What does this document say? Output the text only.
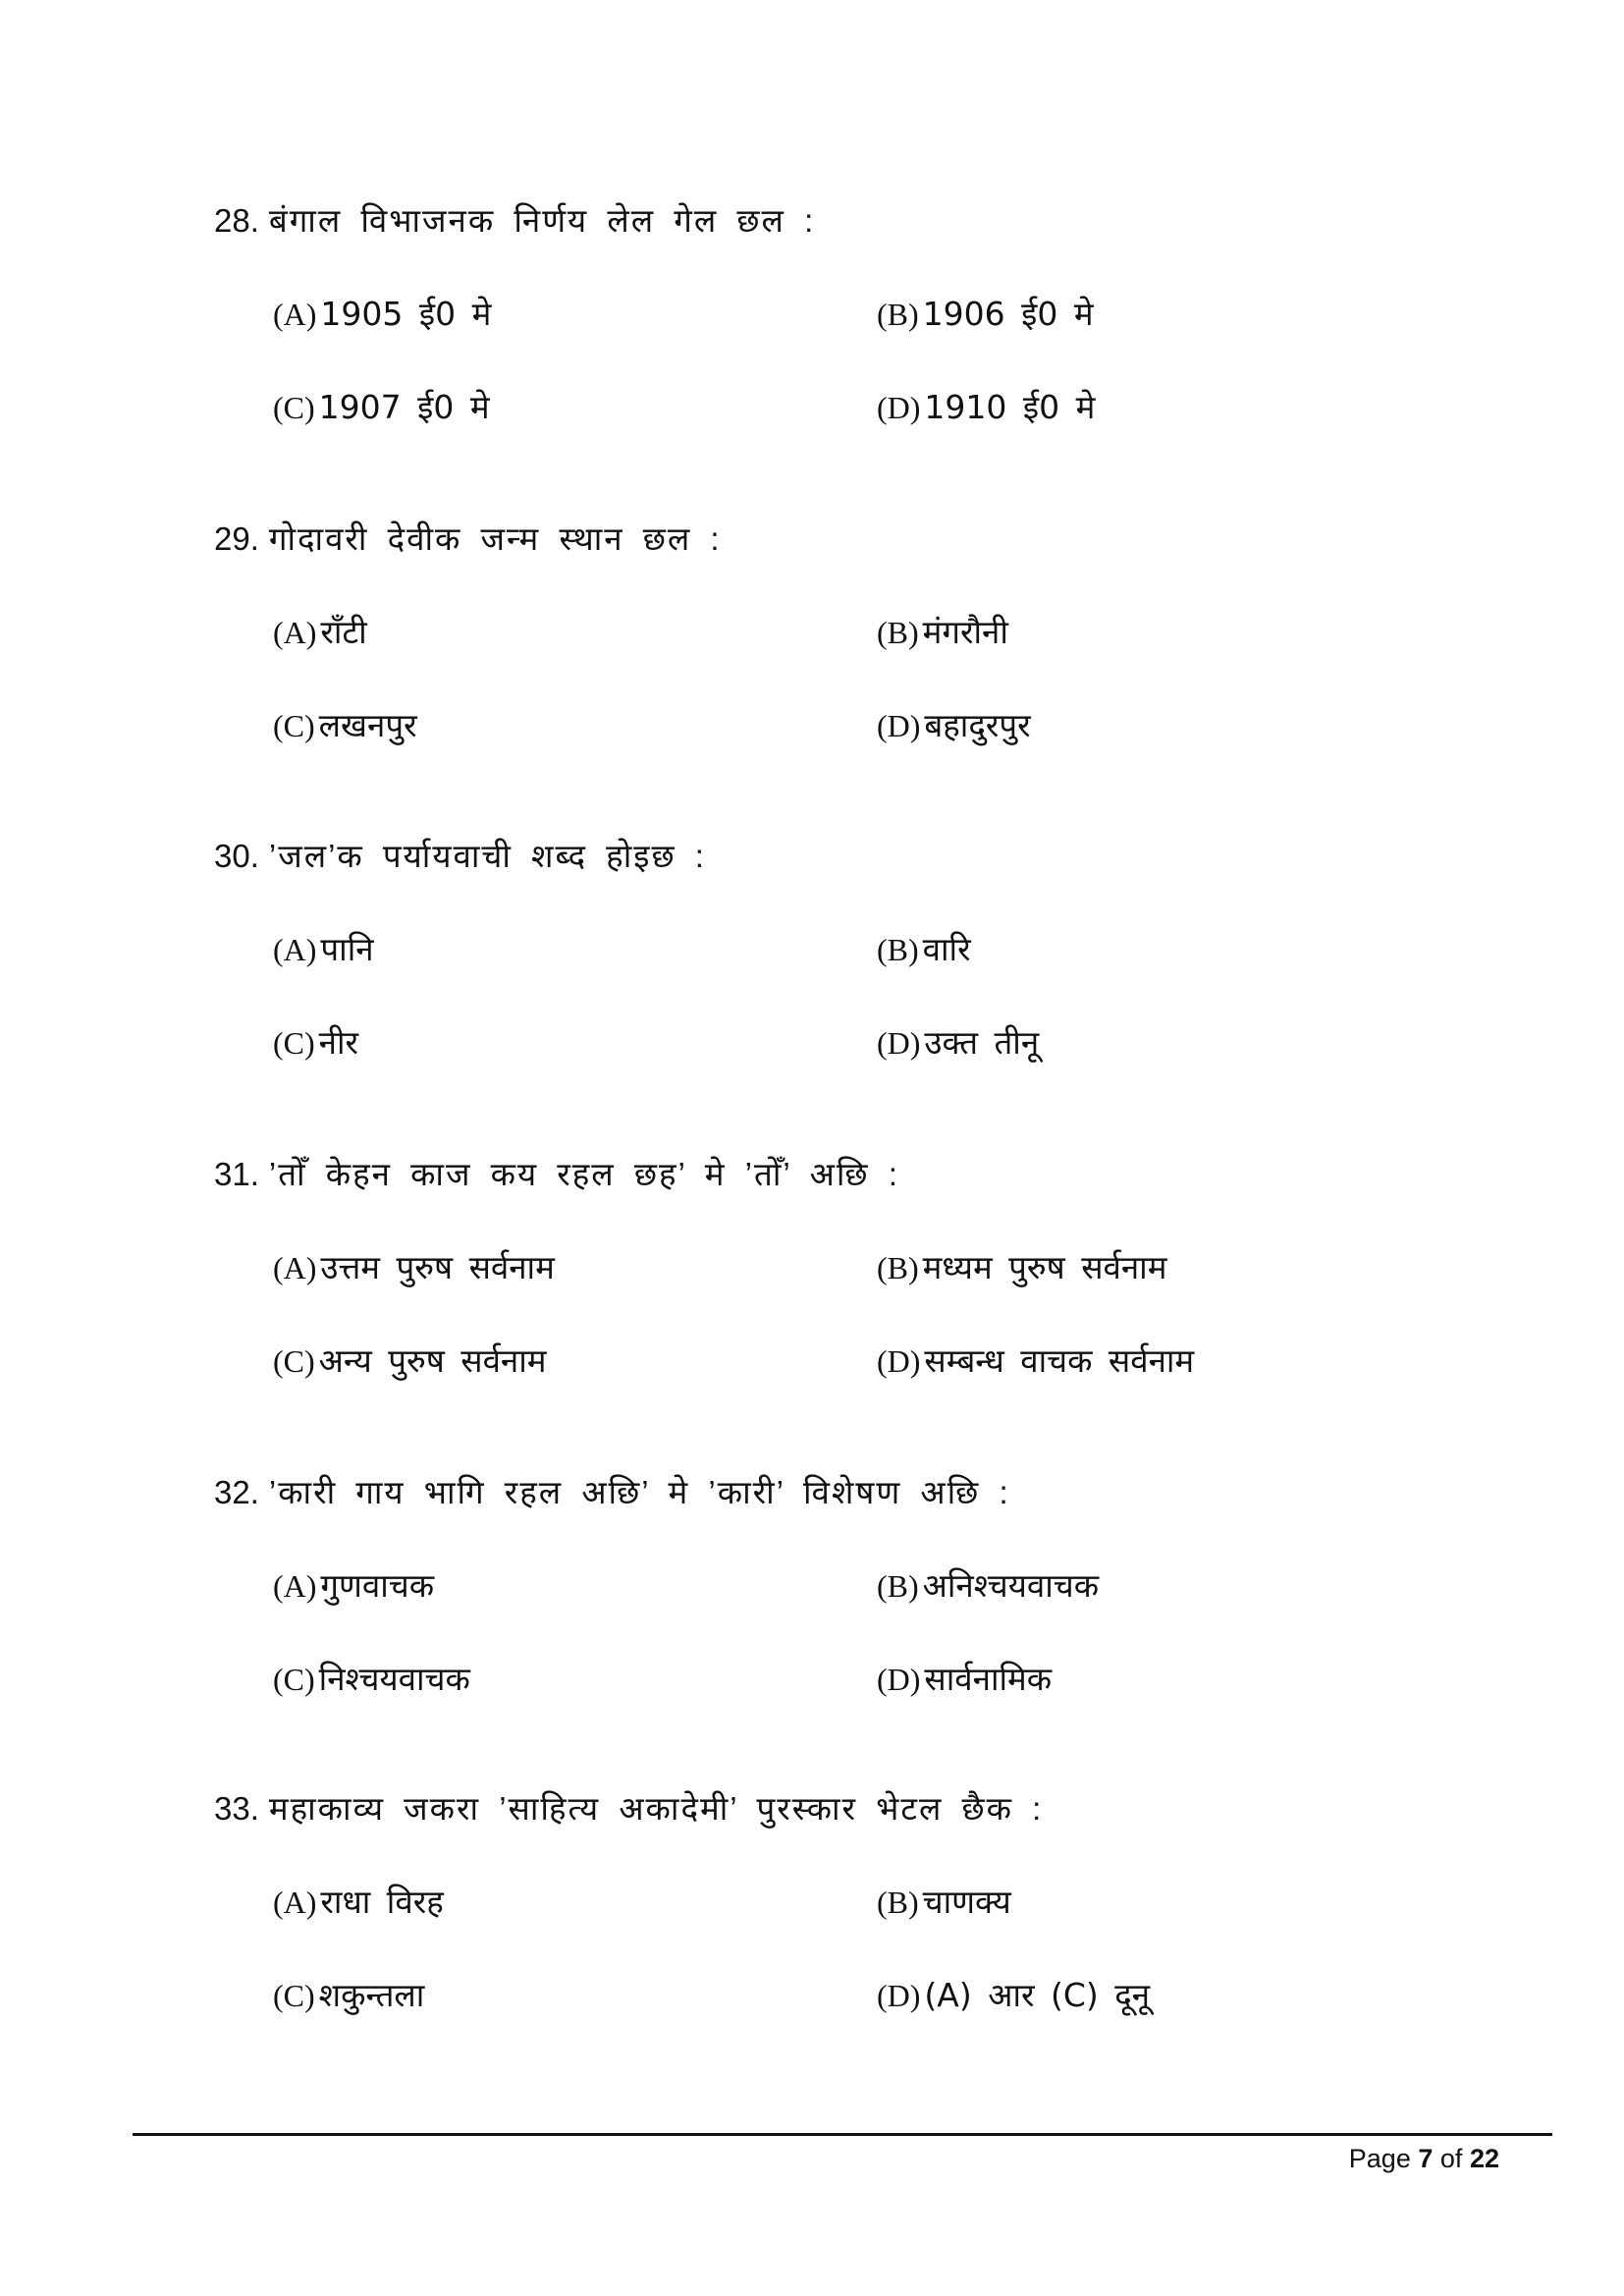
28. बंगाल विभाजनक निर्णय लेल गेल छल :
(A) 1905 ई0 मे	(B) 1906 ई0 मे
(C) 1907 ई0 मे	(D) 1910 ई0 मे
29. गोदावरी देवीक जन्म स्थान छल :
(A) राँटी	(B) मंगरौनी
(C) लखनपुर	(D) बहादुरपुर
30. ’जल’क पर्यायवाची शब्द होइछ :
(A) पानि	(B) वारि
(C) नीर	(D) उक्त तीनू
31. ’तोँ केहन काज कय रहल छह’ मे ’तोँ’ अछि :
(A) उत्तम पुरुष सर्वनाम	(B) मध्यम पुरुष सर्वनाम
(C) अन्य पुरुष सर्वनाम	(D) सम्बन्ध वाचक सर्वनाम
32. ’कारी गाय भागि रहल अछि’ मे ’कारी’ विशेषण अछि :
(A) गुणवाचक	(B) अनिश्चयवाचक
(C) निश्चयवाचक	(D) सार्वनामिक
33. महाकाव्य जकरा ’साहित्य अकादेमी’ पुरस्कार भेटल छैक :
(A) राधा विरह	(B) चाणक्य
(C) शकुन्तला	(D) (A) आर (C) दूनू
Page 7 of 22
